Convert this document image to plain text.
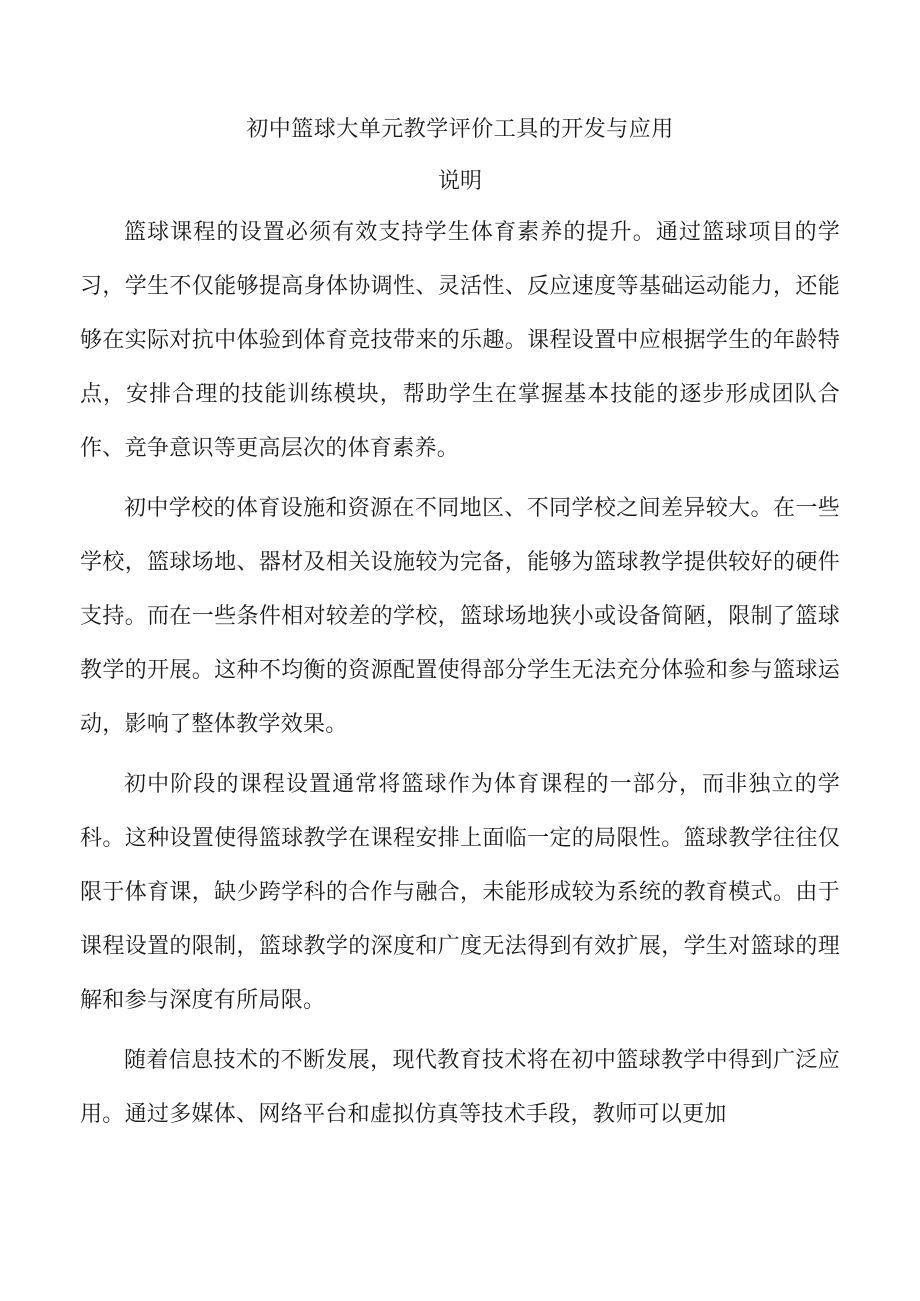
初中篮球大单元教学评价工具的开发与应用
说明

篮球课程的设置必须有效支持学生体育素养的提升。通过篮球项目的学习，学生不仅能够提高身体协调性、灵活性、反应速度等基础运动能力，还能够在实际对抗中体验到体育竞技带来的乐趣。课程设置中应根据学生的年龄特点，安排合理的技能训练模块，帮助学生在掌握基本技能的逐步形成团队合作、竞争意识等更高层次的体育素养。

初中学校的体育设施和资源在不同地区、不同学校之间差异较大。在一些学校，篮球场地、器材及相关设施较为完备，能够为篮球教学提供较好的硬件支持。而在一些条件相对较差的学校，篮球场地狭小或设备简陋，限制了篮球教学的开展。这种不均衡的资源配置使得部分学生无法充分体验和参与篮球运动，影响了整体教学效果。

初中阶段的课程设置通常将篮球作为体育课程的一部分，而非独立的学科。这种设置使得篮球教学在课程安排上面临一定的局限性。篮球教学往往仅限于体育课，缺少跨学科的合作与融合，未能形成较为系统的教育模式。由于课程设置的限制，篮球教学的深度和广度无法得到有效扩展，学生对篮球的理解和参与深度有所局限。

随着信息技术的不断发展，现代教育技术将在初中篮球教学中得到广泛应用。通过多媒体、网络平台和虚拟仿真等技术手段，教师可以更加
